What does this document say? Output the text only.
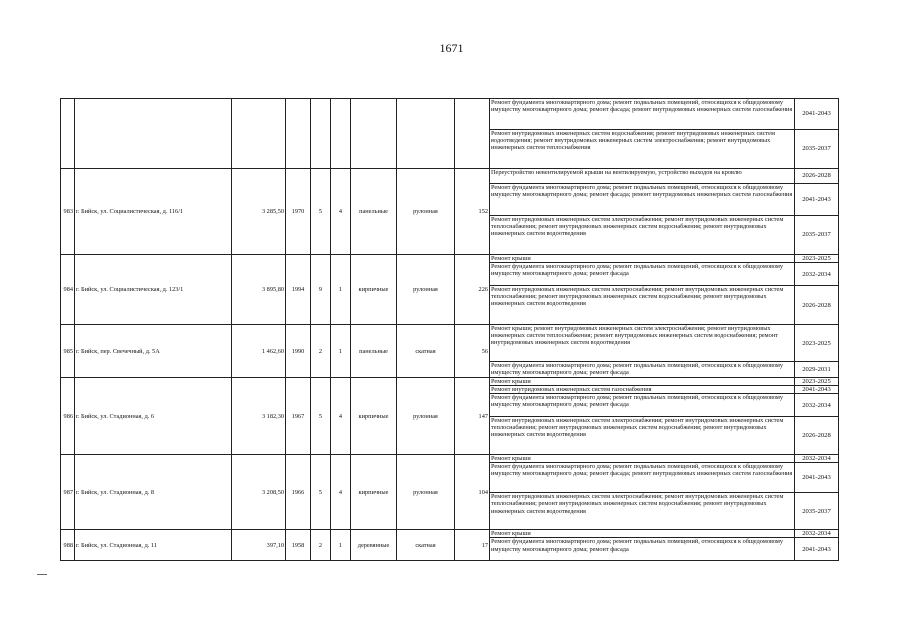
1671
									Ремонт фундамента многоквартирного дома; ремонт подвальных помещений, относящихся к общедомовому имуществу многоквартирного дома; ремонт фасада; ремонт внутридомовых инженерных систем газоснабжения	2041-2043
									Ремонт внутридомовых инженерных систем водоснабжения; ремонт внутридомовых инженерных систем водоотведения; ремонт внутридомовых инженерных систем электроснабжения; ремонт внутридомовых инженерных систем теплоснабжения	2035-2037
983	г. Бийск, ул. Социалистическая, д. 116/1	3 285,50	1970	5	4	панельные	рулонная	152	Переустройство невентилируемой крыши на вентилируемую, устройство выходов на кровлю	2026-2028
									Ремонт фундамента многоквартирного дома; ремонт подвальных помещений, относящихся к общедомовому имуществу многоквартирного дома; ремонт фасада; ремонт внутридомовых инженерных систем газоснабжения	2041-2043
									Ремонт внутридомовых инженерных систем электроснабжения; ремонт внутридомовых инженерных систем теплоснабжения; ремонт внутридомовых инженерных систем водоснабжения; ремонт внутридомовых инженерных систем водоотведения	2035-2037
984	г. Бийск, ул. Социалистическая, д. 123/1	3 895,80	1994	9	1	кирпичные	рулонная	226	Ремонт крыши	2023-2025
									Ремонт фундамента многоквартирного дома; ремонт подвальных помещений, относящихся к общедомовому имуществу многоквартирного дома; ремонт фасада	2032-2034
									Ремонт внутридомовых инженерных систем электроснабжения; ремонт внутридомовых инженерных систем теплоснабжения; ремонт внутридомовых инженерных систем водоснабжения; ремонт внутридомовых инженерных систем водоотведения	2026-2028
985	г. Бийск, пер. Свечечный, д. 5А	1 462,60	1990	2	1	панельные	скатная	56	Ремонт крыши; ремонт внутридомовых инженерных систем электроснабжения; ремонт внутридомовых инженерных систем теплоснабжения; ремонт внутридомовых инженерных систем водоснабжения; ремонт внутридомовых инженерных систем водоотведения	2023-2025
									Ремонт фундамента многоквартирного дома; ремонт подвальных помещений, относящихся к общедомовому имуществу многоквартирного дома; ремонт фасада	2029-2031
986	г. Бийск, ул. Стадионная, д. 6	3 182,30	1967	5	4	кирпичные	рулонная	147	Ремонт крыши	2023-2025
									Ремонт внутридомовых инженерных систем газоснабжения	2041-2043
									Ремонт фундамента многоквартирного дома; ремонт подвальных помещений, относящихся к общедомовому имуществу многоквартирного дома; ремонт фасада	2032-2034
									Ремонт внутридомовых инженерных систем электроснабжения; ремонт внутридомовых инженерных систем теплоснабжения; ремонт внутридомовых инженерных систем водоснабжения; ремонт внутридомовых инженерных систем водоотведения	2026-2028
987	г. Бийск, ул. Стадионная, д. 8	3 208,50	1966	5	4	кирпичные	рулонная	104	Ремонт крыши	2032-2034
									Ремонт фундамента многоквартирного дома; ремонт подвальных помещений, относящихся к общедомовому имуществу многоквартирного дома; ремонт фасада; ремонт внутридомовых инженерных систем газоснабжения	2041-2043
									Ремонт внутридомовых инженерных систем электроснабжения; ремонт внутридомовых инженерных систем теплоснабжения; ремонт внутридомовых инженерных систем водоснабжения; ремонт внутридомовых инженерных систем водоотведения	2035-2037
988	г. Бийск, ул. Стадионная, д. 11	397,10	1958	2	1	деревянные	скатная	17	Ремонт крыши	2032-2034
									Ремонт фундамента многоквартирного дома; ремонт подвальных помещений, относящихся к общедомовому имуществу многоквартирного дома; ремонт фасада	2041-2043
